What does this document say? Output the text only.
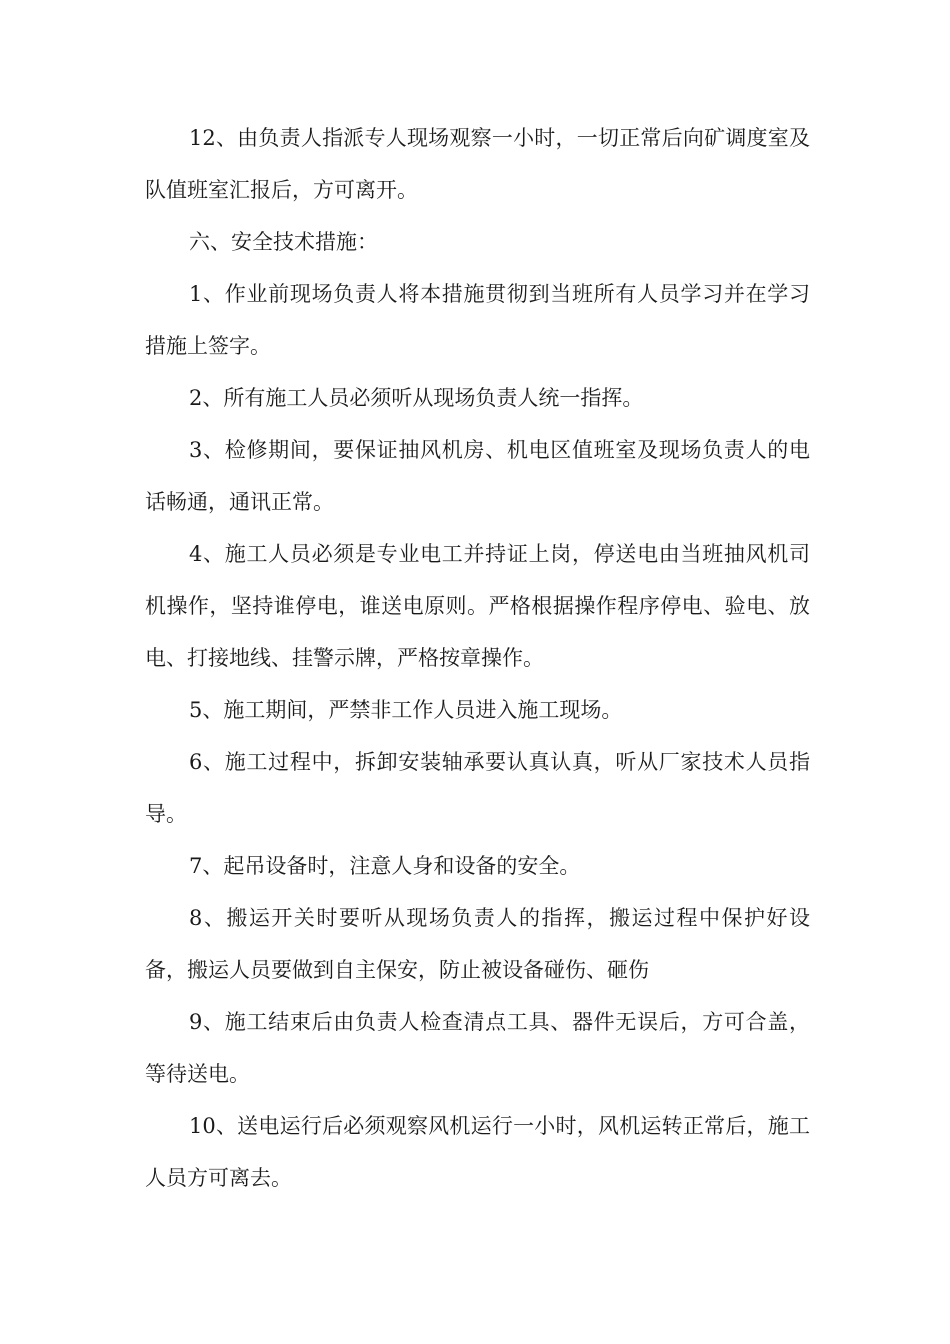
12、由负责人指派专人现场观察一小时，一切正常后向矿调度室及队值班室汇报后，方可离开。

六、安全技术措施：

1、作业前现场负责人将本措施贯彻到当班所有人员学习并在学习措施上签字。

2、所有施工人员必须听从现场负责人统一指挥。

3、检修期间，要保证抽风机房、机电区值班室及现场负责人的电话畅通，通讯正常。

4、施工人员必须是专业电工并持证上岗，停送电由当班抽风机司机操作，坚持谁停电，谁送电原则。严格根据操作程序停电、验电、放电、打接地线、挂警示牌，严格按章操作。

5、施工期间，严禁非工作人员进入施工现场。

6、施工过程中，拆卸安装轴承要认真认真，听从厂家技术人员指导。

7、起吊设备时，注意人身和设备的安全。

8、搬运开关时要听从现场负责人的指挥，搬运过程中保护好设备，搬运人员要做到自主保安，防止被设备碰伤、砸伤

9、施工结束后由负责人检查清点工具、器件无误后，方可合盖，等待送电。

10、送电运行后必须观察风机运行一小时，风机运转正常后，施工人员方可离去。
